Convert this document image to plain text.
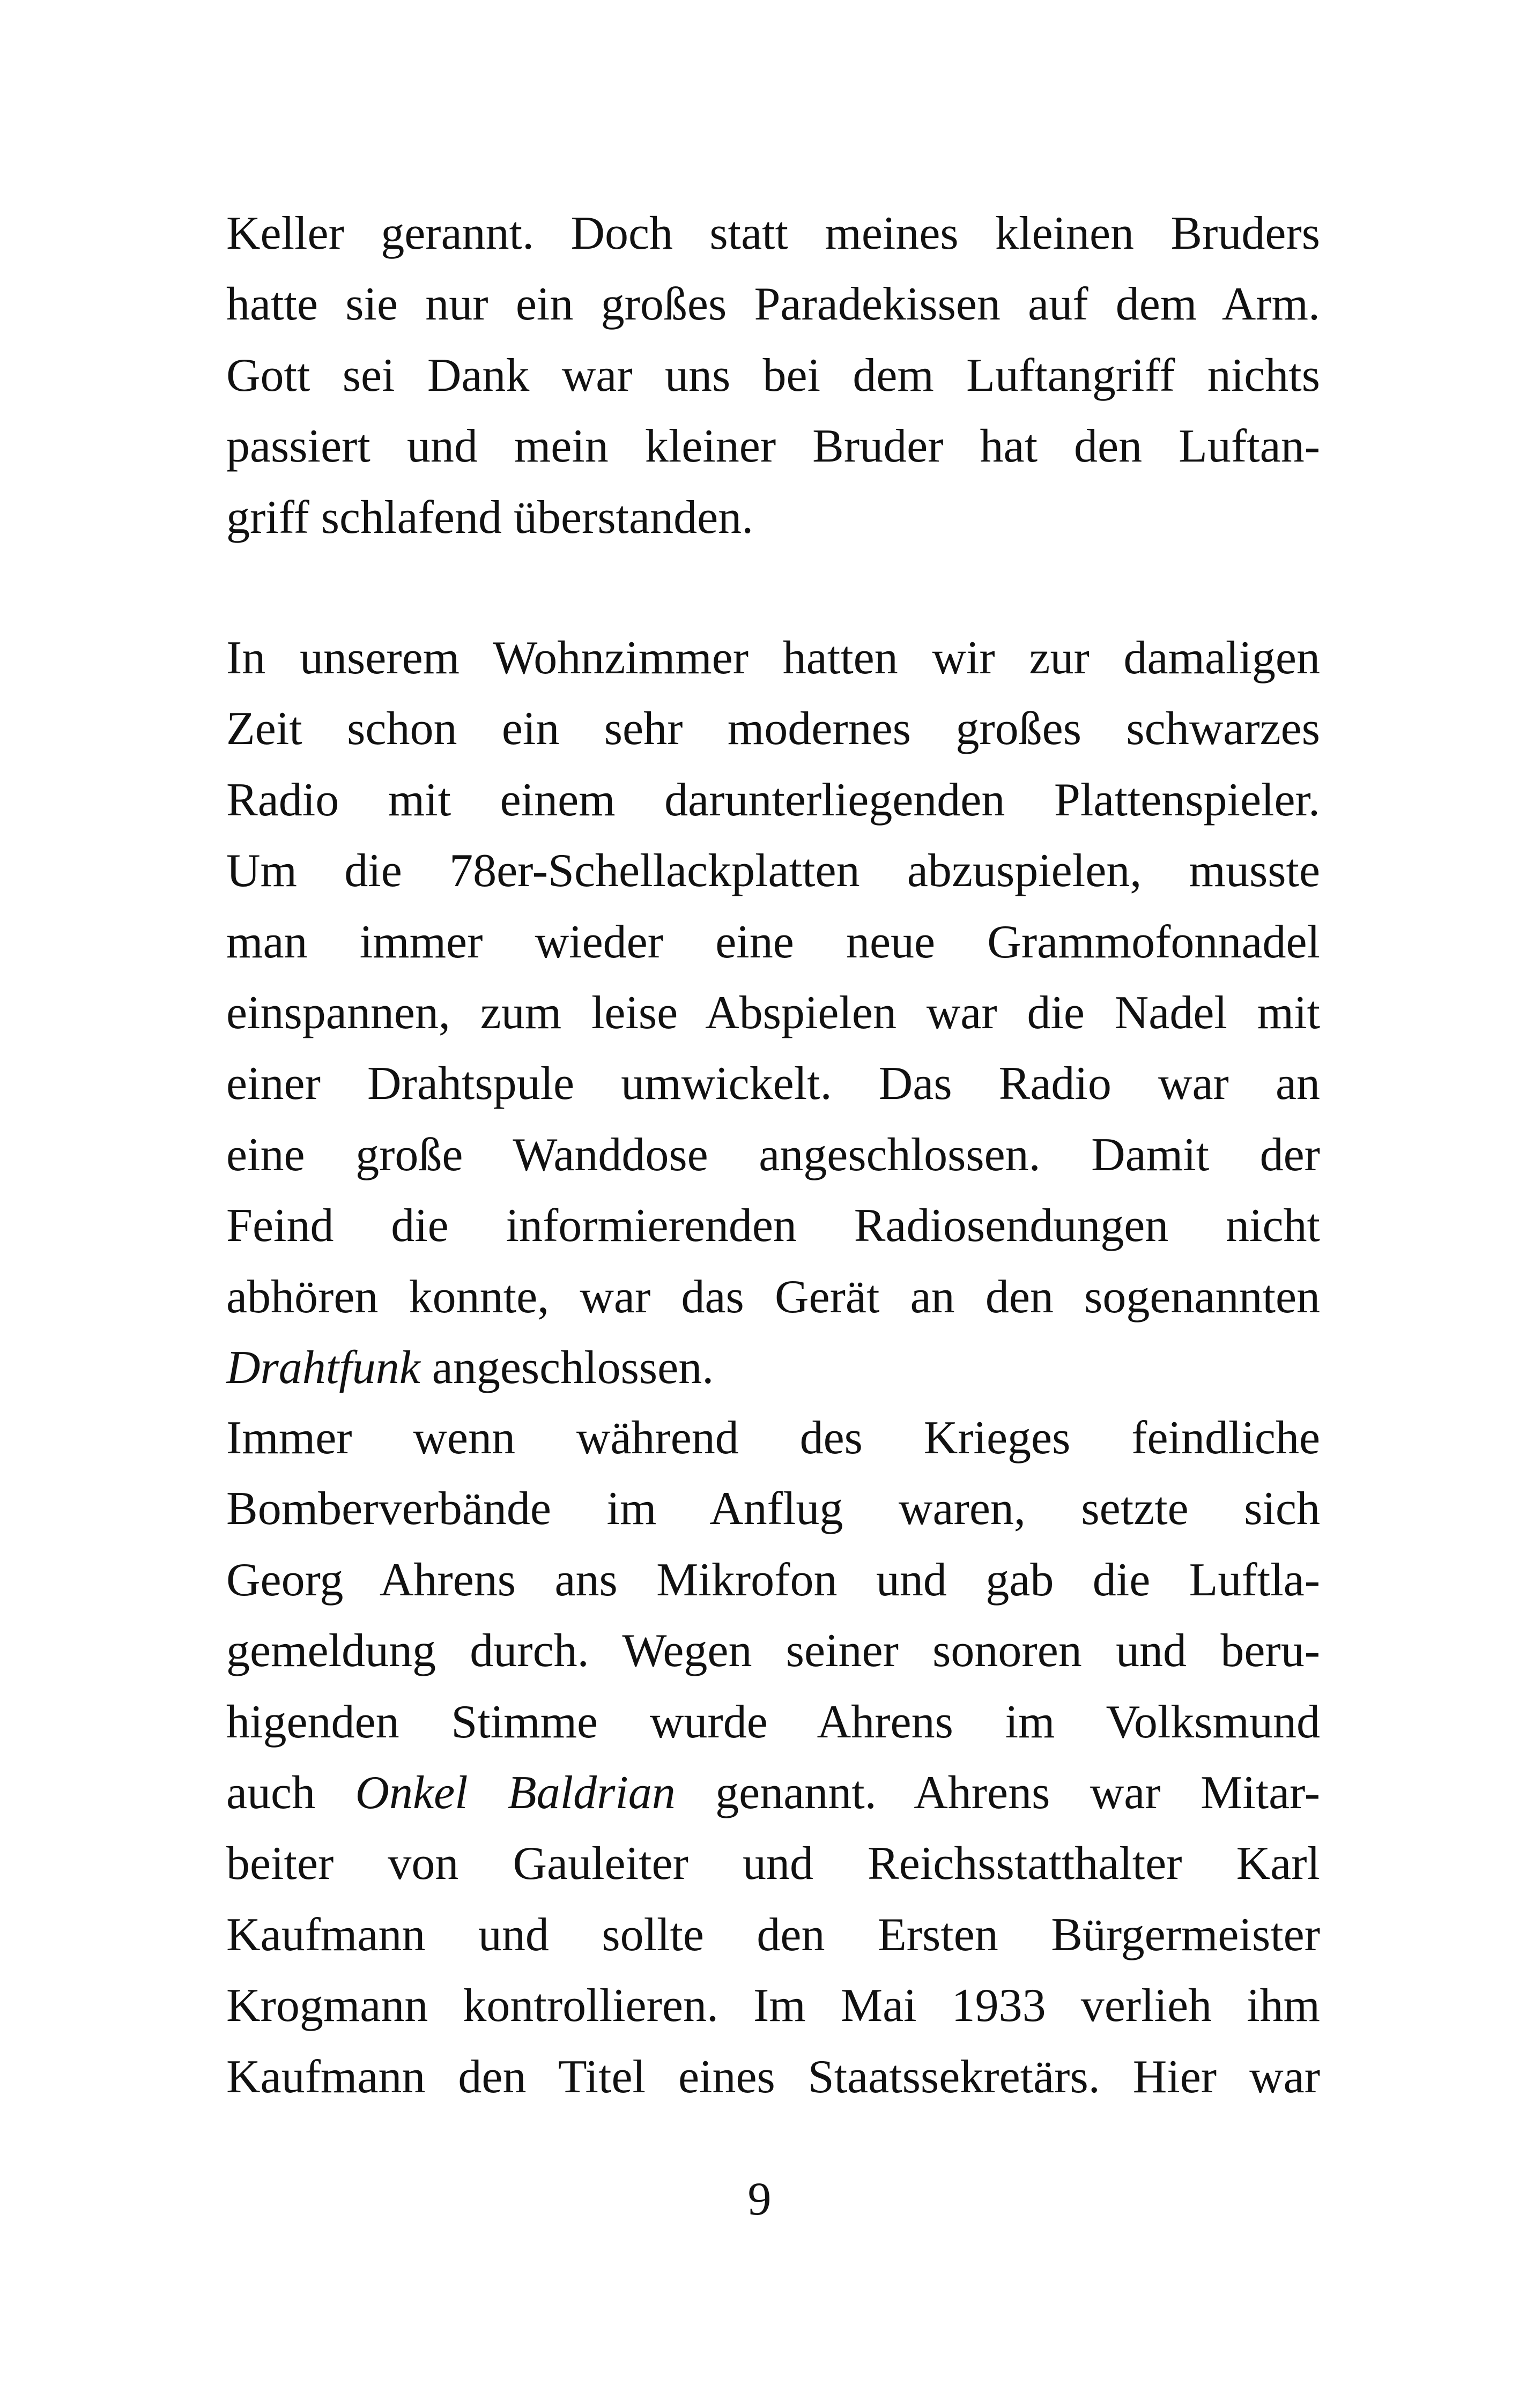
Keller gerannt. Doch statt meines kleinen Bruders
hatte sie nur ein großes Paradekissen auf dem Arm.
Gott sei Dank war uns bei dem Luftangriff nichts
passiert und mein kleiner Bruder hat den Luftan-
griff schlafend überstanden.
In unserem Wohnzimmer hatten wir zur damaligen
Zeit schon ein sehr modernes großes schwarzes
Radio mit einem darunterliegenden Plattenspieler.
Um die 78er-Schellackplatten abzuspielen, musste
man immer wieder eine neue Grammofonnadel
einspannen, zum leise Abspielen war die Nadel mit
einer Drahtspule umwickelt. Das Radio war an
eine große Wanddose angeschlossen. Damit der
Feind die informierenden Radiosendungen nicht
abhören konnte, war das Gerät an den sogenannten
Drahtfunk angeschlossen.
Immer wenn während des Krieges feindliche
Bomberverbände im Anflug waren, setzte sich
Georg Ahrens ans Mikrofon und gab die Luftla-
gemeldung durch. Wegen seiner sonoren und beru-
higenden Stimme wurde Ahrens im Volksmund
auch Onkel Baldrian genannt. Ahrens war Mitar-
beiter von Gauleiter und Reichsstatthalter Karl
Kaufmann und sollte den Ersten Bürgermeister
Krogmann kontrollieren. Im Mai 1933 verlieh ihm
Kaufmann den Titel eines Staatssekretärs. Hier war
9
